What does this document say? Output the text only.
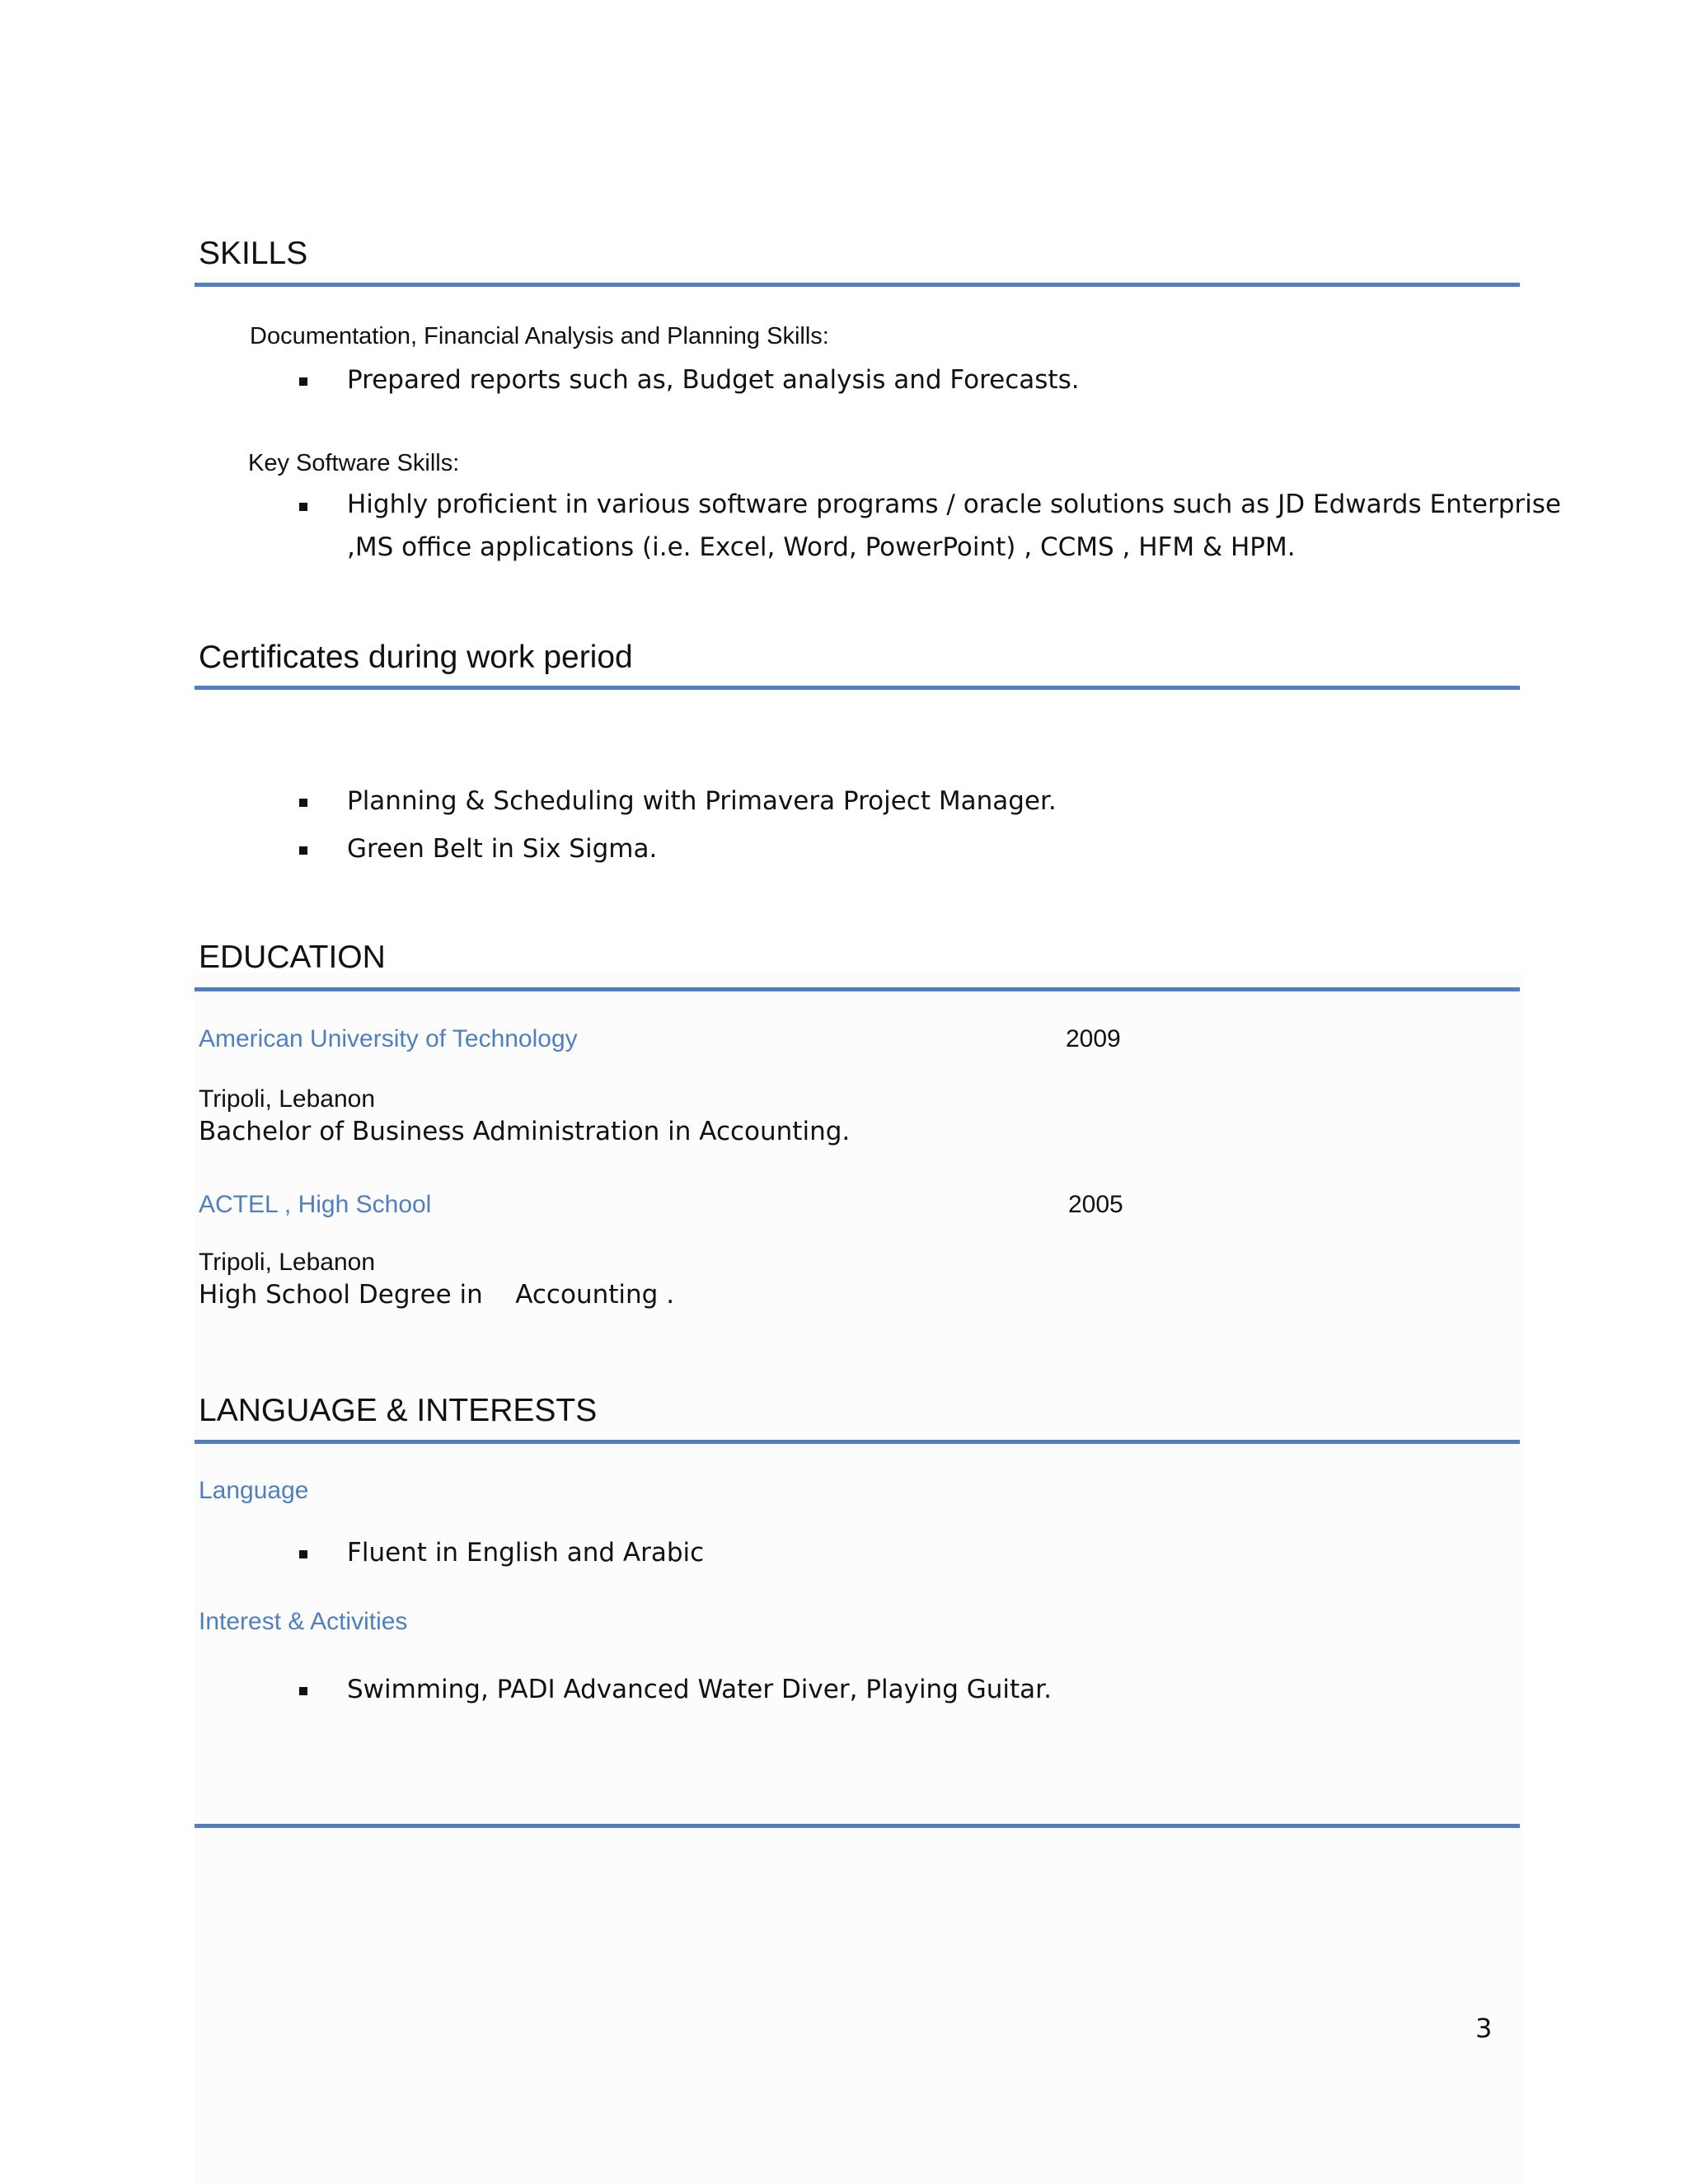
SKILLS
Documentation, Financial Analysis and Planning Skills:
Prepared reports such as, Budget analysis and Forecasts.
Key Software Skills:
Highly proficient in various software programs / oracle solutions such as JD Edwards Enterprise
,MS office applications (i.e. Excel, Word, PowerPoint) , CCMS , HFM & HPM.
Certificates during work period
Planning & Scheduling with Primavera Project Manager.
Green Belt in Six Sigma.
EDUCATION
American University of Technology	2009
Tripoli, Lebanon
Bachelor of Business Administration in Accounting.
ACTEL , High School	2005
Tripoli, Lebanon
High School Degree in    Accounting .
LANGUAGE & INTERESTS
Language
Fluent in English and Arabic
Interest & Activities
Swimming, PADI Advanced Water Diver, Playing Guitar.
3
